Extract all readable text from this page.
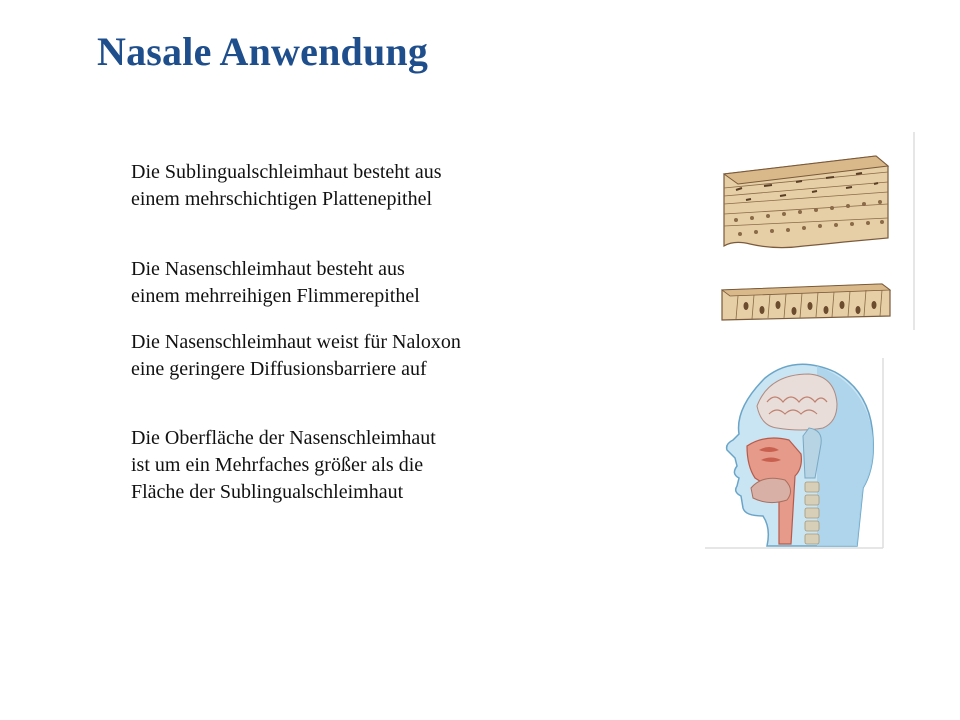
Nasale Anwendung
Die Sublingualschleimhaut besteht aus
einem mehrschichtigen Plattenepithel
Die Nasenschleimhaut besteht aus
einem mehrreihigen Flimmerepithel
Die Nasenschleimhaut weist für Naloxon
eine geringere Diffusionsbarriere auf
Die Oberfläche der Nasenschleimhaut
ist um ein Mehrfaches größer als die
Fläche der Sublingualschleimhaut
